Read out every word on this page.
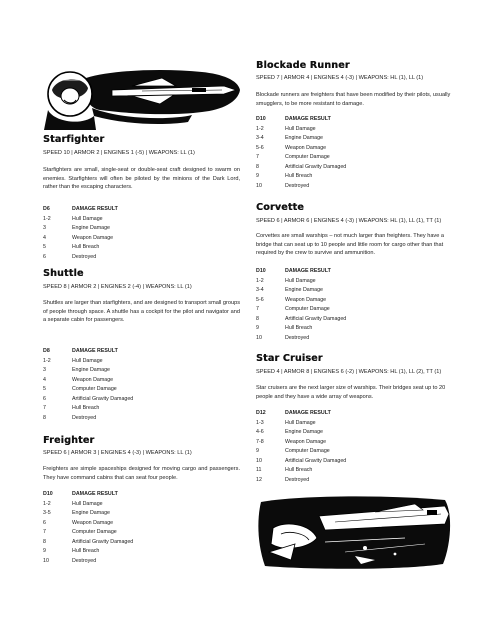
Starfighter
SPEED 10 | ARMOR 2 | ENGINES 1 (-5) | WEAPONS: LL (1)

Starfighters are small, single-seat or double-seat craft designed to swarm on enemies. Starfighters will often be piloted by the minions of the Dark Lord, rather than the escaping characters.

D6	DAMAGE RESULT
1-2	Hull Damage
3	Engine Damage
4	Weapon Damage
5	Hull Breach
6	Destroyed
Shuttle
SPEED 8 | ARMOR 2 | ENGINES 2 (-4) | WEAPONS: LL (1)

Shuttles are larger than starfighters, and are designed to transport small groups of people through space. A shuttle has a cockpit for the pilot and navigator and a separate cabin for passengers.

D8	DAMAGE RESULT
1-2	Hull Damage
3	Engine Damage
4	Weapon Damage
5	Computer Damage
6	Artificial Gravity Damaged
7	Hull Breach
8	Destroyed
Freighter
SPEED 6 | ARMOR 3 | ENGINES 4 (-3) | WEAPONS: LL (1)

Freighters are simple spaceships designed for moving cargo and passengers. They have command cabins that can seat four people.

D10	DAMAGE RESULT
1-2	Hull Damage
3-5	Engine Damage
6	Weapon Damage
7	Computer Damage
8	Artificial Gravity Damaged
9	Hull Breach
10	Destroyed
Blockade Runner
SPEED 7 | ARMOR 4 | ENGINES 4 (-3) | WEAPONS: HL (1), LL (1)

Blockade runners are freighters that have been modified by their pilots, usually smugglers, to be more resistant to damage.

D10	DAMAGE RESULT
1-2	Hull Damage
3-4	Engine Damage
5-6	Weapon Damage
7	Computer Damage
8	Artificial Gravity Damaged
9	Hull Breach
10	Destroyed
Corvette
SPEED 6 | ARMOR 6 | ENGINES 4 (-3) | WEAPONS: HL (1), LL (1), TT (1)

Corvettes are small warships – not much larger than freighters. They have a bridge that can seat up to 10 people and little room for cargo other than that required by the crew to survive and ammunition.

D10	DAMAGE RESULT
1-2	Hull Damage
3-4	Engine Damage
5-6	Weapon Damage
7	Computer Damage
8	Artificial Gravity Damaged
9	Hull Breach
10	Destroyed
Star Cruiser
SPEED 4 | ARMOR 8 | ENGINES 6 (-2) | WEAPONS: HL (1), LL (2), TT (1)

Star cruisers are the next larger size of warships. Their bridges seat up to 20 people and they have a wide array of weapons.

D12	DAMAGE RESULT
1-3	Hull Damage
4-6	Engine Damage
7-8	Weapon Damage
9	Computer Damage
10	Artificial Gravity Damaged
11	Hull Breach
12	Destroyed
